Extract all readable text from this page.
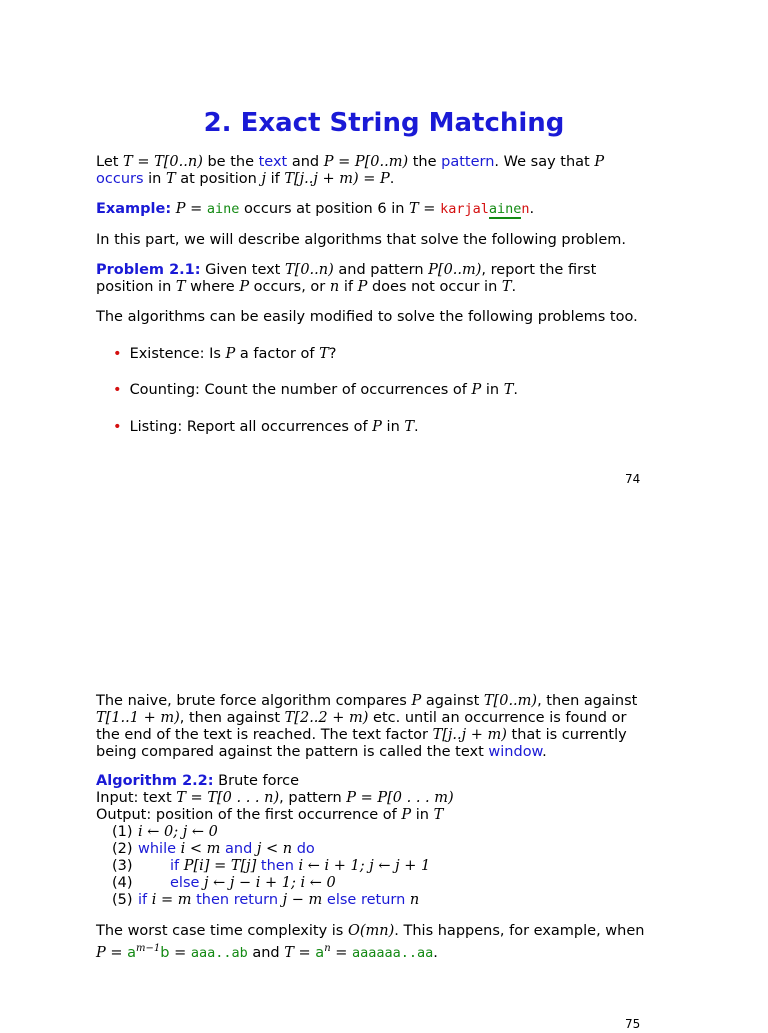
2. Exact String Matching
Let T = T[0..n) be the text and P = P[0..m) the pattern. We say that P
occurs in T at position j if T[j..j + m) = P.
Example: P = aine occurs at position 6 in T = karjalainen.
In this part, we will describe algorithms that solve the following problem.
Problem 2.1: Given text T[0..n) and pattern P[0..m), report the first
position in T where P occurs, or n if P does not occur in T.
The algorithms can be easily modified to solve the following problems too.
• Existence: Is P a factor of T?
• Counting: Count the number of occurrences of P in T.
• Listing: Report all occurrences of P in T.
74
The naive, brute force algorithm compares P against T[0..m), then against
T[1..1 + m), then against T[2..2 + m) etc. until an occurrence is found or
the end of the text is reached. The text factor T[j..j + m) that is currently
being compared against the pattern is called the text window.
Algorithm 2.2: Brute force
Input: text T = T[0 . . . n), pattern P = P[0 . . . m)
Output: position of the first occurrence of P in T
(1) i ← 0; j ← 0
(2) while i < m and j < n do
(3)	if P[i] = T[j] then i ← i + 1; j ← j + 1
(4)	else j ← j − i + 1; i ← 0
(5) if i = m then return j − m else return n
The worst case time complexity is O(mn). This happens, for example, when
$P = a^{m-1}b = aaa..ab$ and $T = a^n$ = aaaaaa..aa.
75
